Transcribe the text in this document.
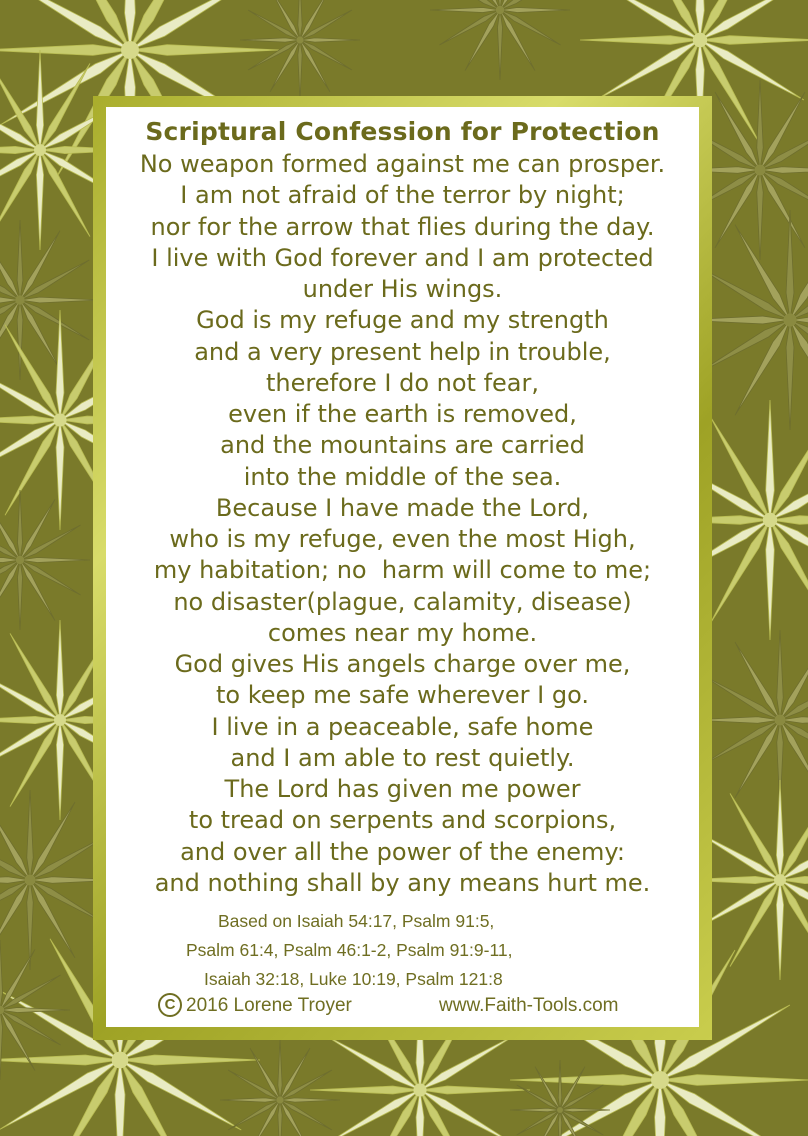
Scriptural Confession for Protection
No weapon formed against me can prosper.
I am not afraid of the terror by night;
nor for the arrow that flies during the day.
I live with God forever and I am protected
under His wings.
God is my refuge and my strength
and a very present help in trouble,
therefore I do not fear,
even if the earth is removed,
and the mountains are carried
into the middle of the sea.
Because I have made the Lord,
who is my refuge, even the most High,
my habitation; no  harm will come to me;
no disaster(plague, calamity, disease)
comes near my home.
God gives His angels charge over me,
to keep me safe wherever I go.
I live in a peaceable, safe home
and I am able to rest quietly.
The Lord has given me power
to tread on serpents and scorpions,
and over all the power of the enemy:
and nothing shall by any means hurt me.
Based on Isaiah 54:17, Psalm 91:5,
Psalm 61:4, Psalm 46:1-2, Psalm 91:9-11,
Isaiah 32:18, Luke 10:19, Psalm 121:8
C 2016 Lorene Troyer	www.Faith-Tools.com
